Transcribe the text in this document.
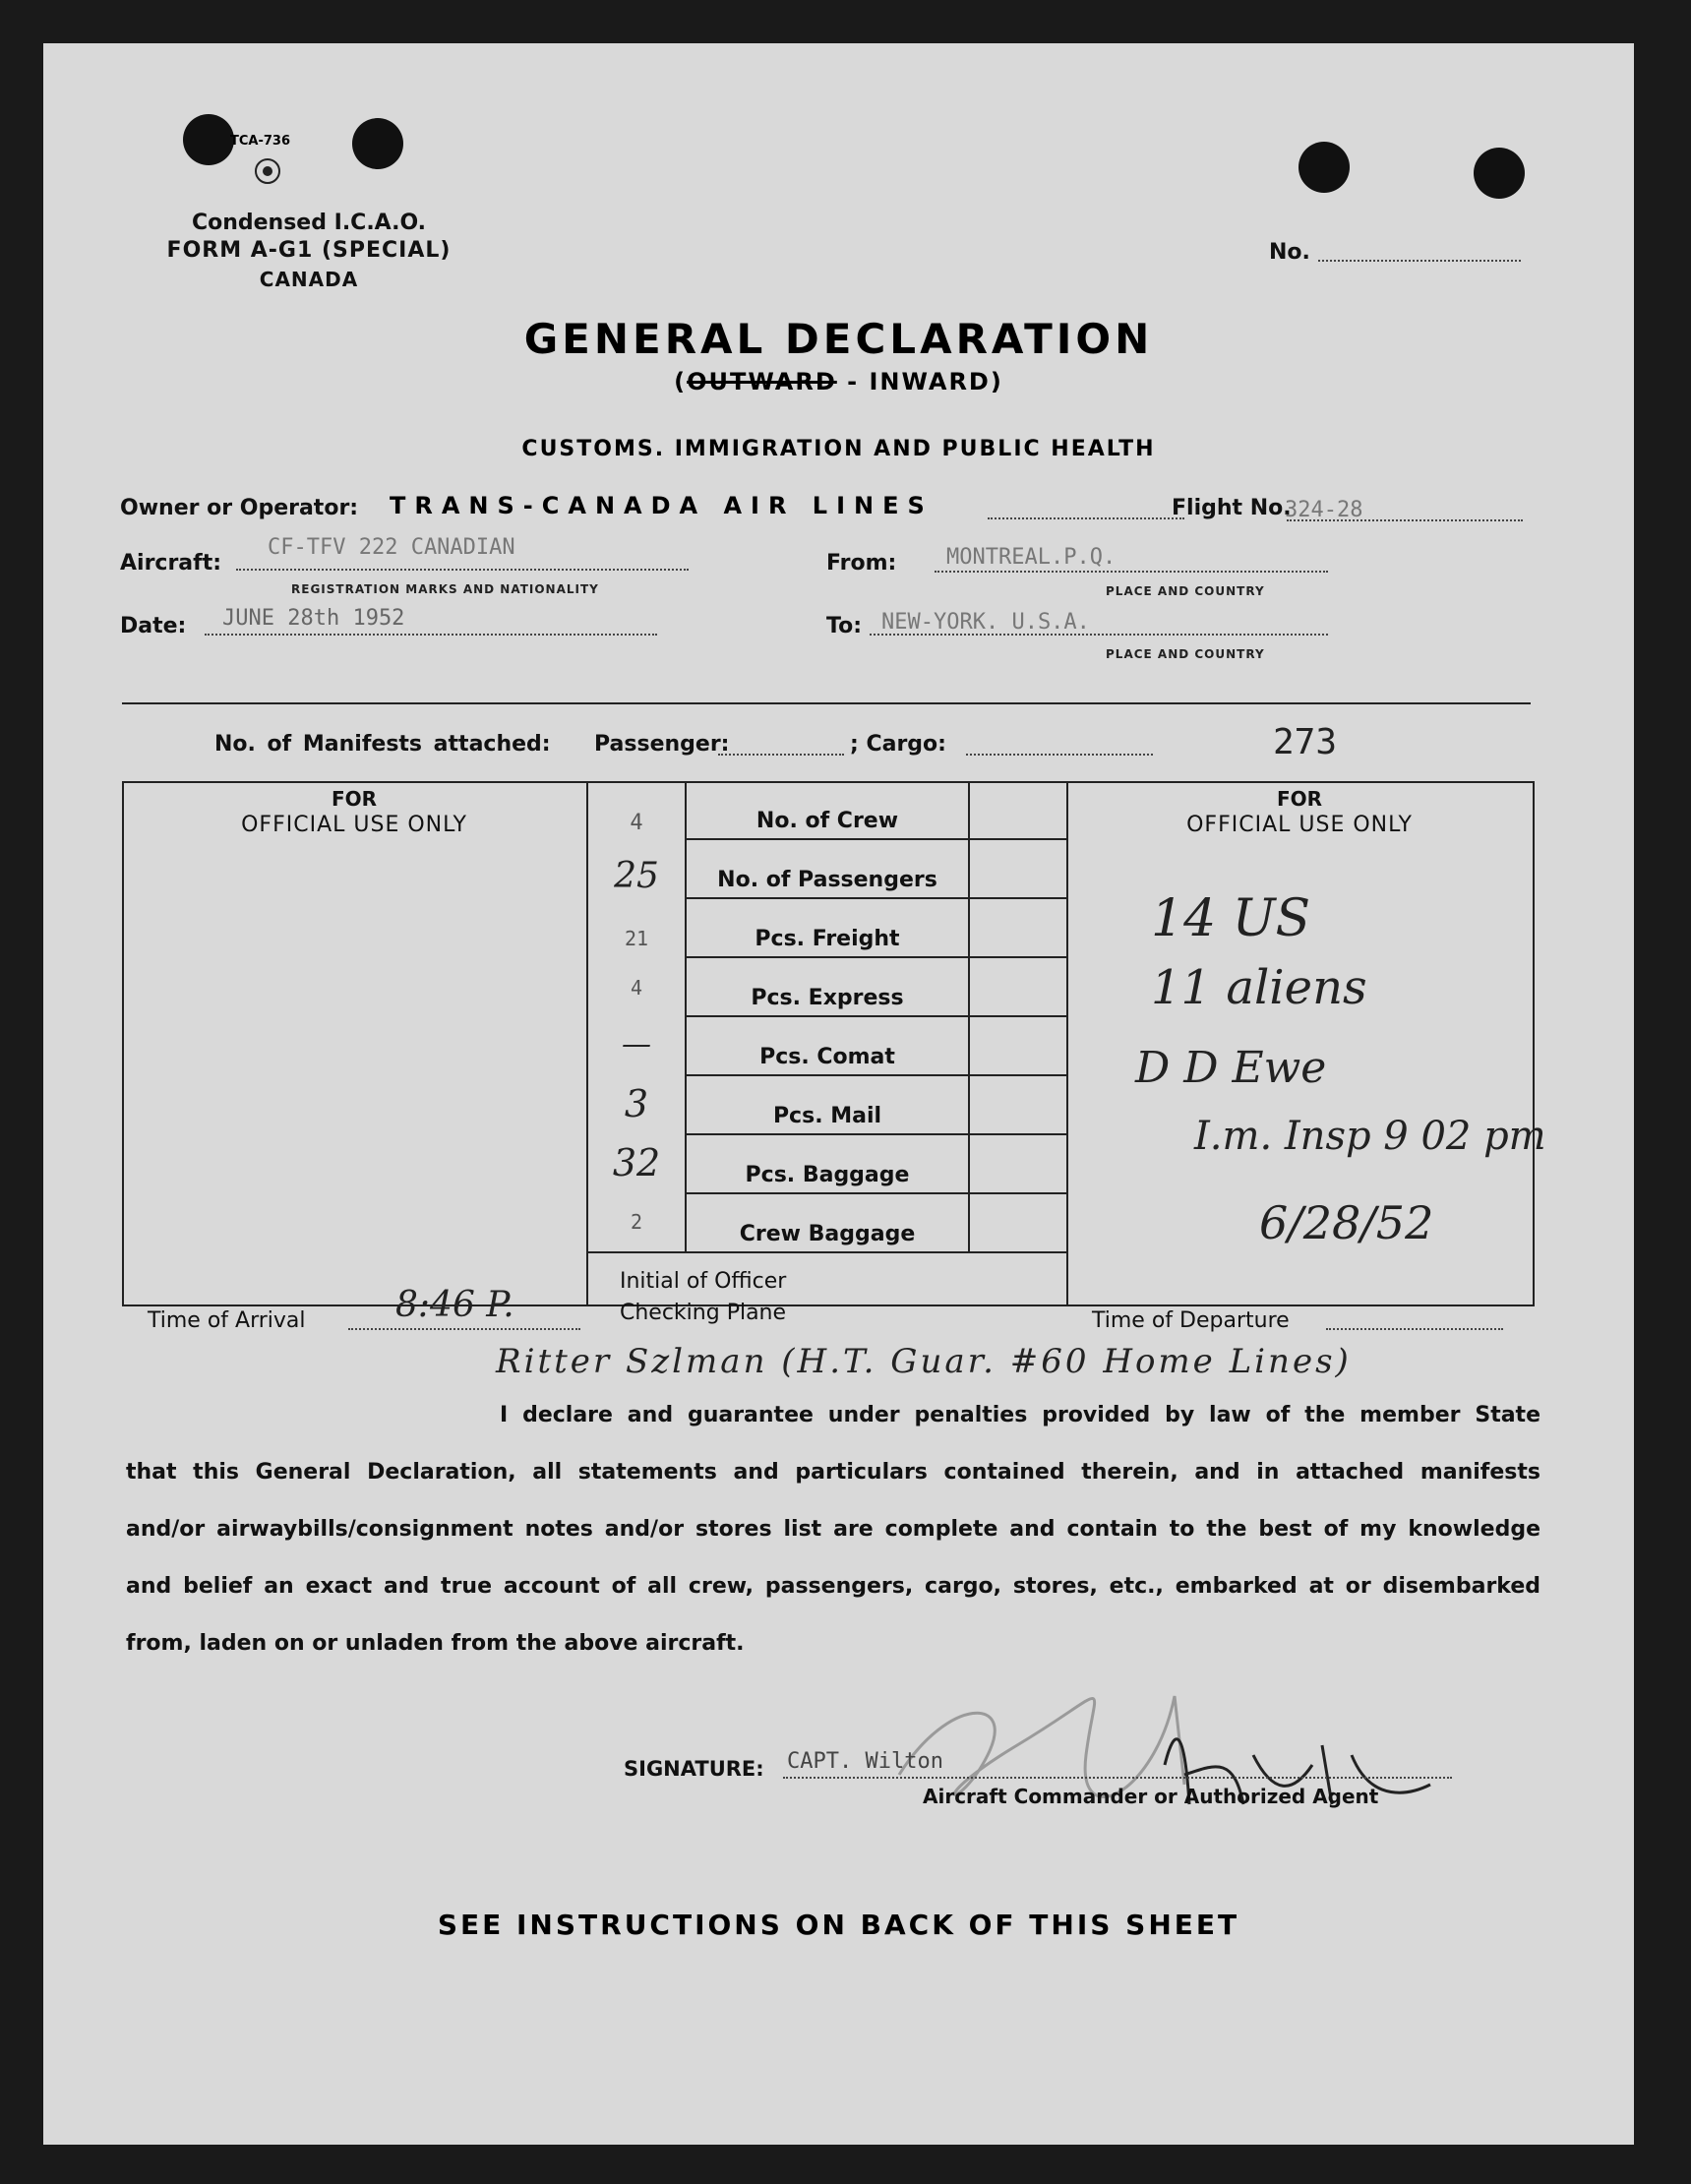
TCA-736
Condensed I.C.A.O.
FORM A-G1 (SPECIAL)
CANADA
No.
GENERAL DECLARATION
(OUTWARD - INWARD)
CUSTOMS. IMMIGRATION AND PUBLIC HEALTH
Owner or Operator: TRANS-CANADA AIR LINES	Flight No.
324-28
Aircraft:
CF-TFV 222 CANADIAN
REGISTRATION MARKS AND NATIONALITY
From: MONTREAL.P.Q.
PLACE AND COUNTRY
Date: JUNE 28th 1952	To: NEW-YORK. U.S.A.
PLACE AND COUNTRY
No. of Manifests attached: Passenger:	; Cargo:	273
FOR
OFFICIAL USE ONLY
FOR
OFFICIAL USE ONLY
4	No. of Crew
25	No. of Passengers
21	Pcs. Freight
4	Pcs. Express
—	Pcs. Comat
3	Pcs. Mail
32	Pcs. Baggage
2	Crew Baggage
Initial of Officer
Checking Plane
Time of Arrival	8:46 P.	Time of Departure
14 US
11 aliens
D D Ewe
I.m. Insp 9 02 pm
6/28/52
Ritter Szlman (H.T. Guar. #60 Home Lines)
I declare and guarantee under penalties provided by law of the member State
that this General Declaration, all statements and particulars contained therein, and in attached manifests
and/or airwaybills/consignment notes and/or stores list are complete and contain to the best of my knowledge
and belief an exact and true account of all crew, passengers, cargo, stores, etc., embarked at or disembarked
from, laden on or unladen from the above aircraft.
SIGNATURE: CAPT. Wilton
Aircraft Commander or Authorized Agent
SEE INSTRUCTIONS ON BACK OF THIS SHEET
